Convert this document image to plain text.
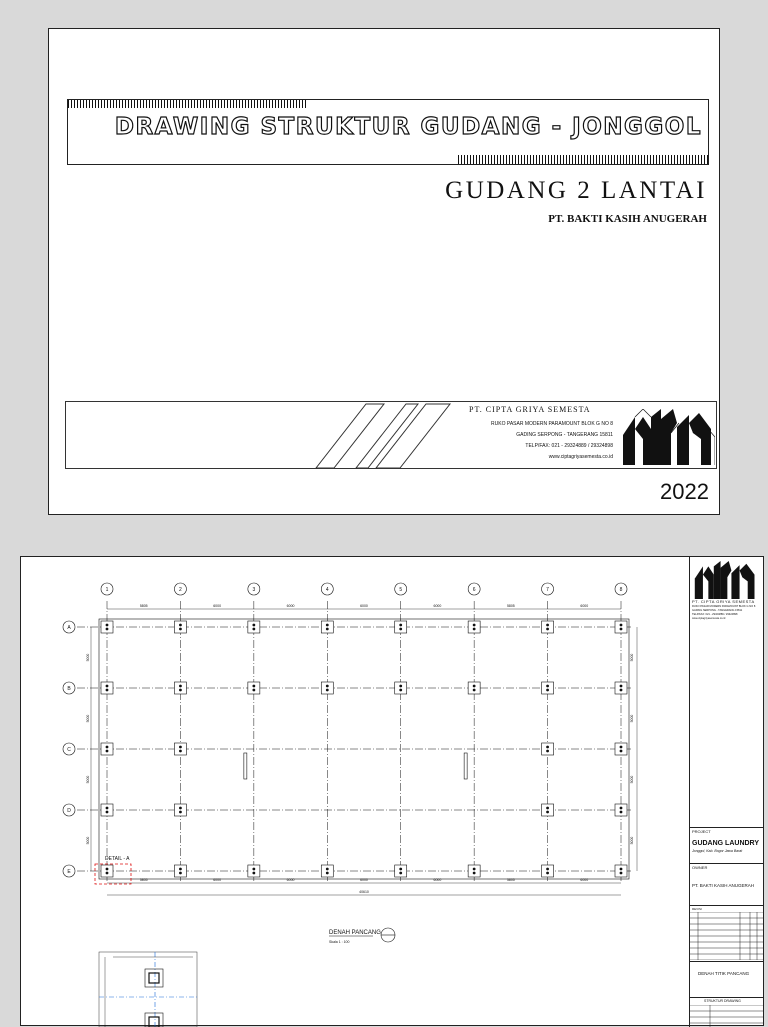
DRAWING STRUKTUR GUDANG - JONGGOL
GUDANG 2 LANTAI
PT. BAKTI KASIH ANUGERAH
PT. CIPTA GRIYA SEMESTA
RUKO PASAR MODERN PARAMOUNT BLOK G NO 8
GADING SERPONG - TANGERANG 15811
TELP/FAX: 021 - 29324889 / 29324898
www.ciptagriyasemesta.co.id
2022
1	2	3	4	5	6	7	8
A
B
C
D
E
5805
5805
6000
6000
6000
6000
6000
6000
6000
6000
5805
5805
6000
6000
40610
5000	5000
5000	5000
5000	5000
5000	5000
DETAIL - A
DENAH PANCANG
Skala 1 : 100
PT. CIPTA GRIYA SEMESTA
RUKO PASAR MODERN PARAMOUNT BLOK G NO 8
GADING SERPONG - TANGERANG 15811
TELP/FAX: 021 - 29324889 / 29324898
www.ciptagriyasemesta.co.id
PROJECT
GUDANG LAUNDRY
Jonggol, Kab. Bogor Jawa Barat
OWNER
PT. BAKTI KASIH ANUGERAH
REVISI
DENAH TITIK PANCANG
STRUKTUR DRAWING
